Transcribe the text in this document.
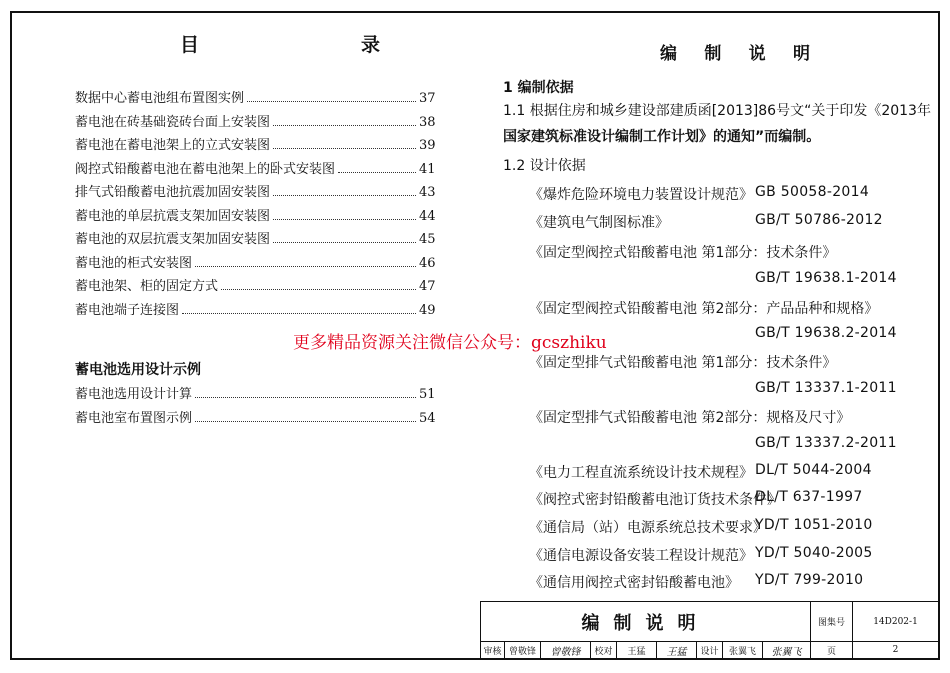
目	录
数据中心蓄电池组布置图实例	37
蓄电池在砖基础瓷砖台面上安装图	38
蓄电池在蓄电池架上的立式安装图	39
阀控式铅酸蓄电池在蓄电池架上的卧式安装图	41
排气式铅酸蓄电池抗震加固安装图	43
蓄电池的单层抗震支架加固安装图	44
蓄电池的双层抗震支架加固安装图	45
蓄电池的柜式安装图	46
蓄电池架、柜的固定方式	47
蓄电池端子连接图	49
蓄电池选用设计示例
蓄电池选用设计计算	51
蓄电池室布置图示例	54
更多精品资源关注微信公众号：gcszhiku
编 制 说 明
1 编制依据
1.1 根据住房和城乡建设部建质函[2013]86号文“关于印发《2013年
国家建筑标准设计编制工作计划》的通知”而编制。
1.2 设计依据
《爆炸危险环境电力装置设计规范》 GB 50058-2014
《建筑电气制图标准》	GB/T 50786-2012
《固定型阀控式铅酸蓄电池 第1部分：技术条件》
GB/T 19638.1-2014
《固定型阀控式铅酸蓄电池 第2部分：产品品种和规格》
GB/T 19638.2-2014
《固定型排气式铅酸蓄电池 第1部分：技术条件》
GB/T 13337.1-2011
《固定型排气式铅酸蓄电池 第2部分：规格及尺寸》
GB/T 13337.2-2011
《电力工程直流系统设计技术规程》 DL/T 5044-2004
《阀控式密封铅酸蓄电池订货技术条件》
DL/T 637-1997
《通信局（站）电源系统总技术要求》
YD/T 1051-2010
《通信电源设备安装工程设计规范》 YD/T 5040-2005
《通信用阀控式密封铅酸蓄电池》 YD/T 799-2010
编制说明	图集号	14D202-1
审核 曾敬锋	曾敬锋	校对	王猛	王猛	设计	张翼飞	张翼飞	页	2
